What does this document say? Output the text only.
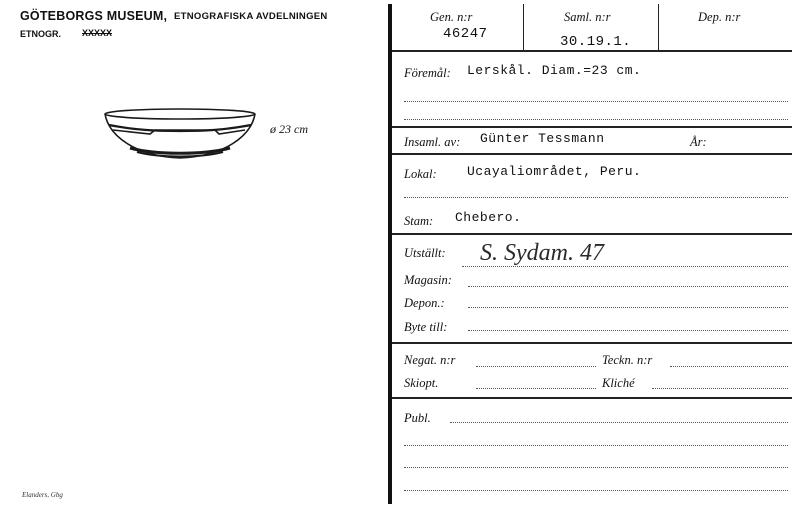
GÖTEBORGS MUSEUM, ETNOGRAFISKA AVDELNINGEN
ETNOGR. XXXXX
ø 23 cm
Elanders, Gbg
Gen. n:r
46247
Saml. n:r
30.19.1.
Dep. n:r
Föremål: Lerskål. Diam.=23 cm.
Insaml. av: Günter Tessmann	År:
Lokal: Ucayaliområdet, Peru.
Stam: Chebero.
Utställt: S. Sydam. 47
Magasin:
Depon.:
Byte till:
Negat. n:r	Teckn. n:r
Skiopt.	Kliché
Publ.
